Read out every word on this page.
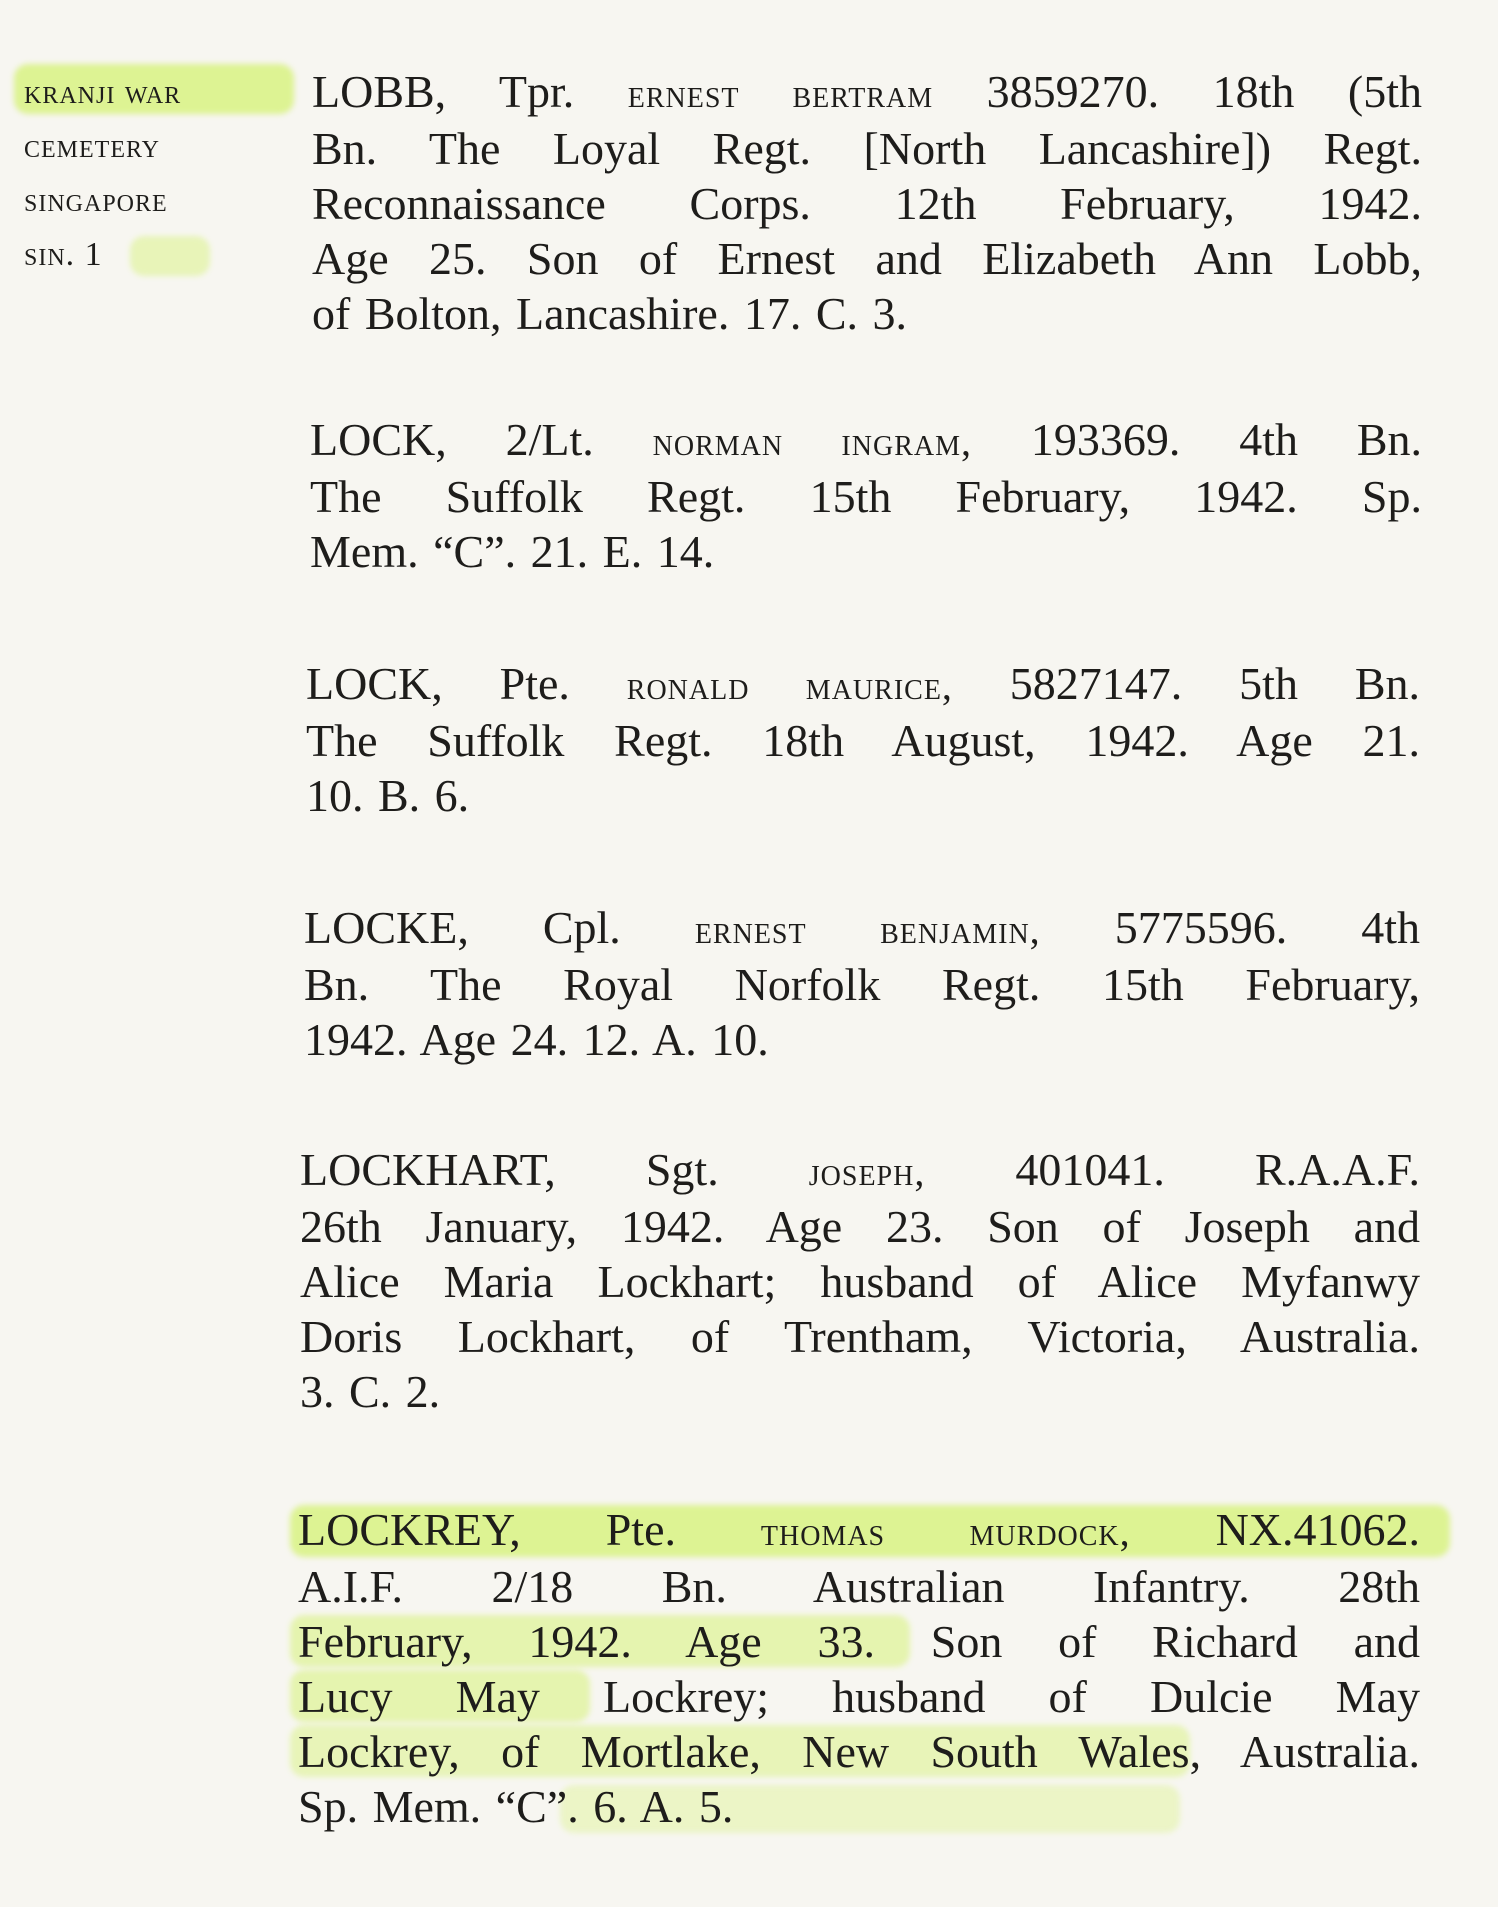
kranji war
cemetery
singapore
sin. 1
LOBB, Tpr. ernest bertram 3859270. 18th (5th
Bn. The Loyal Regt. [North Lancashire]) Regt.
Reconnaissance Corps. 12th February, 1942.
Age 25. Son of Ernest and Elizabeth Ann Lobb,
of Bolton, Lancashire. 17. C. 3.
LOCK, 2/Lt. norman ingram, 193369. 4th Bn.
The Suffolk Regt. 15th February, 1942. Sp.
Mem. “C”. 21. E. 14.
LOCK, Pte. ronald maurice, 5827147. 5th Bn.
The Suffolk Regt. 18th August, 1942. Age 21.
10. B. 6.
LOCKE, Cpl. ernest benjamin, 5775596. 4th
Bn. The Royal Norfolk Regt. 15th February,
1942. Age 24. 12. A. 10.
LOCKHART, Sgt. joseph, 401041. R.A.A.F.
26th January, 1942. Age 23. Son of Joseph and
Alice Maria Lockhart; husband of Alice Myfanwy
Doris Lockhart, of Trentham, Victoria, Australia.
3. C. 2.
LOCKREY, Pte. thomas murdock, NX.41062.
A.I.F. 2/18 Bn. Australian Infantry. 28th
February, 1942. Age 33. Son of Richard and
Lucy May Lockrey; husband of Dulcie May
Lockrey, of Mortlake, New South Wales, Australia.
Sp. Mem. “C”. 6. A. 5.
